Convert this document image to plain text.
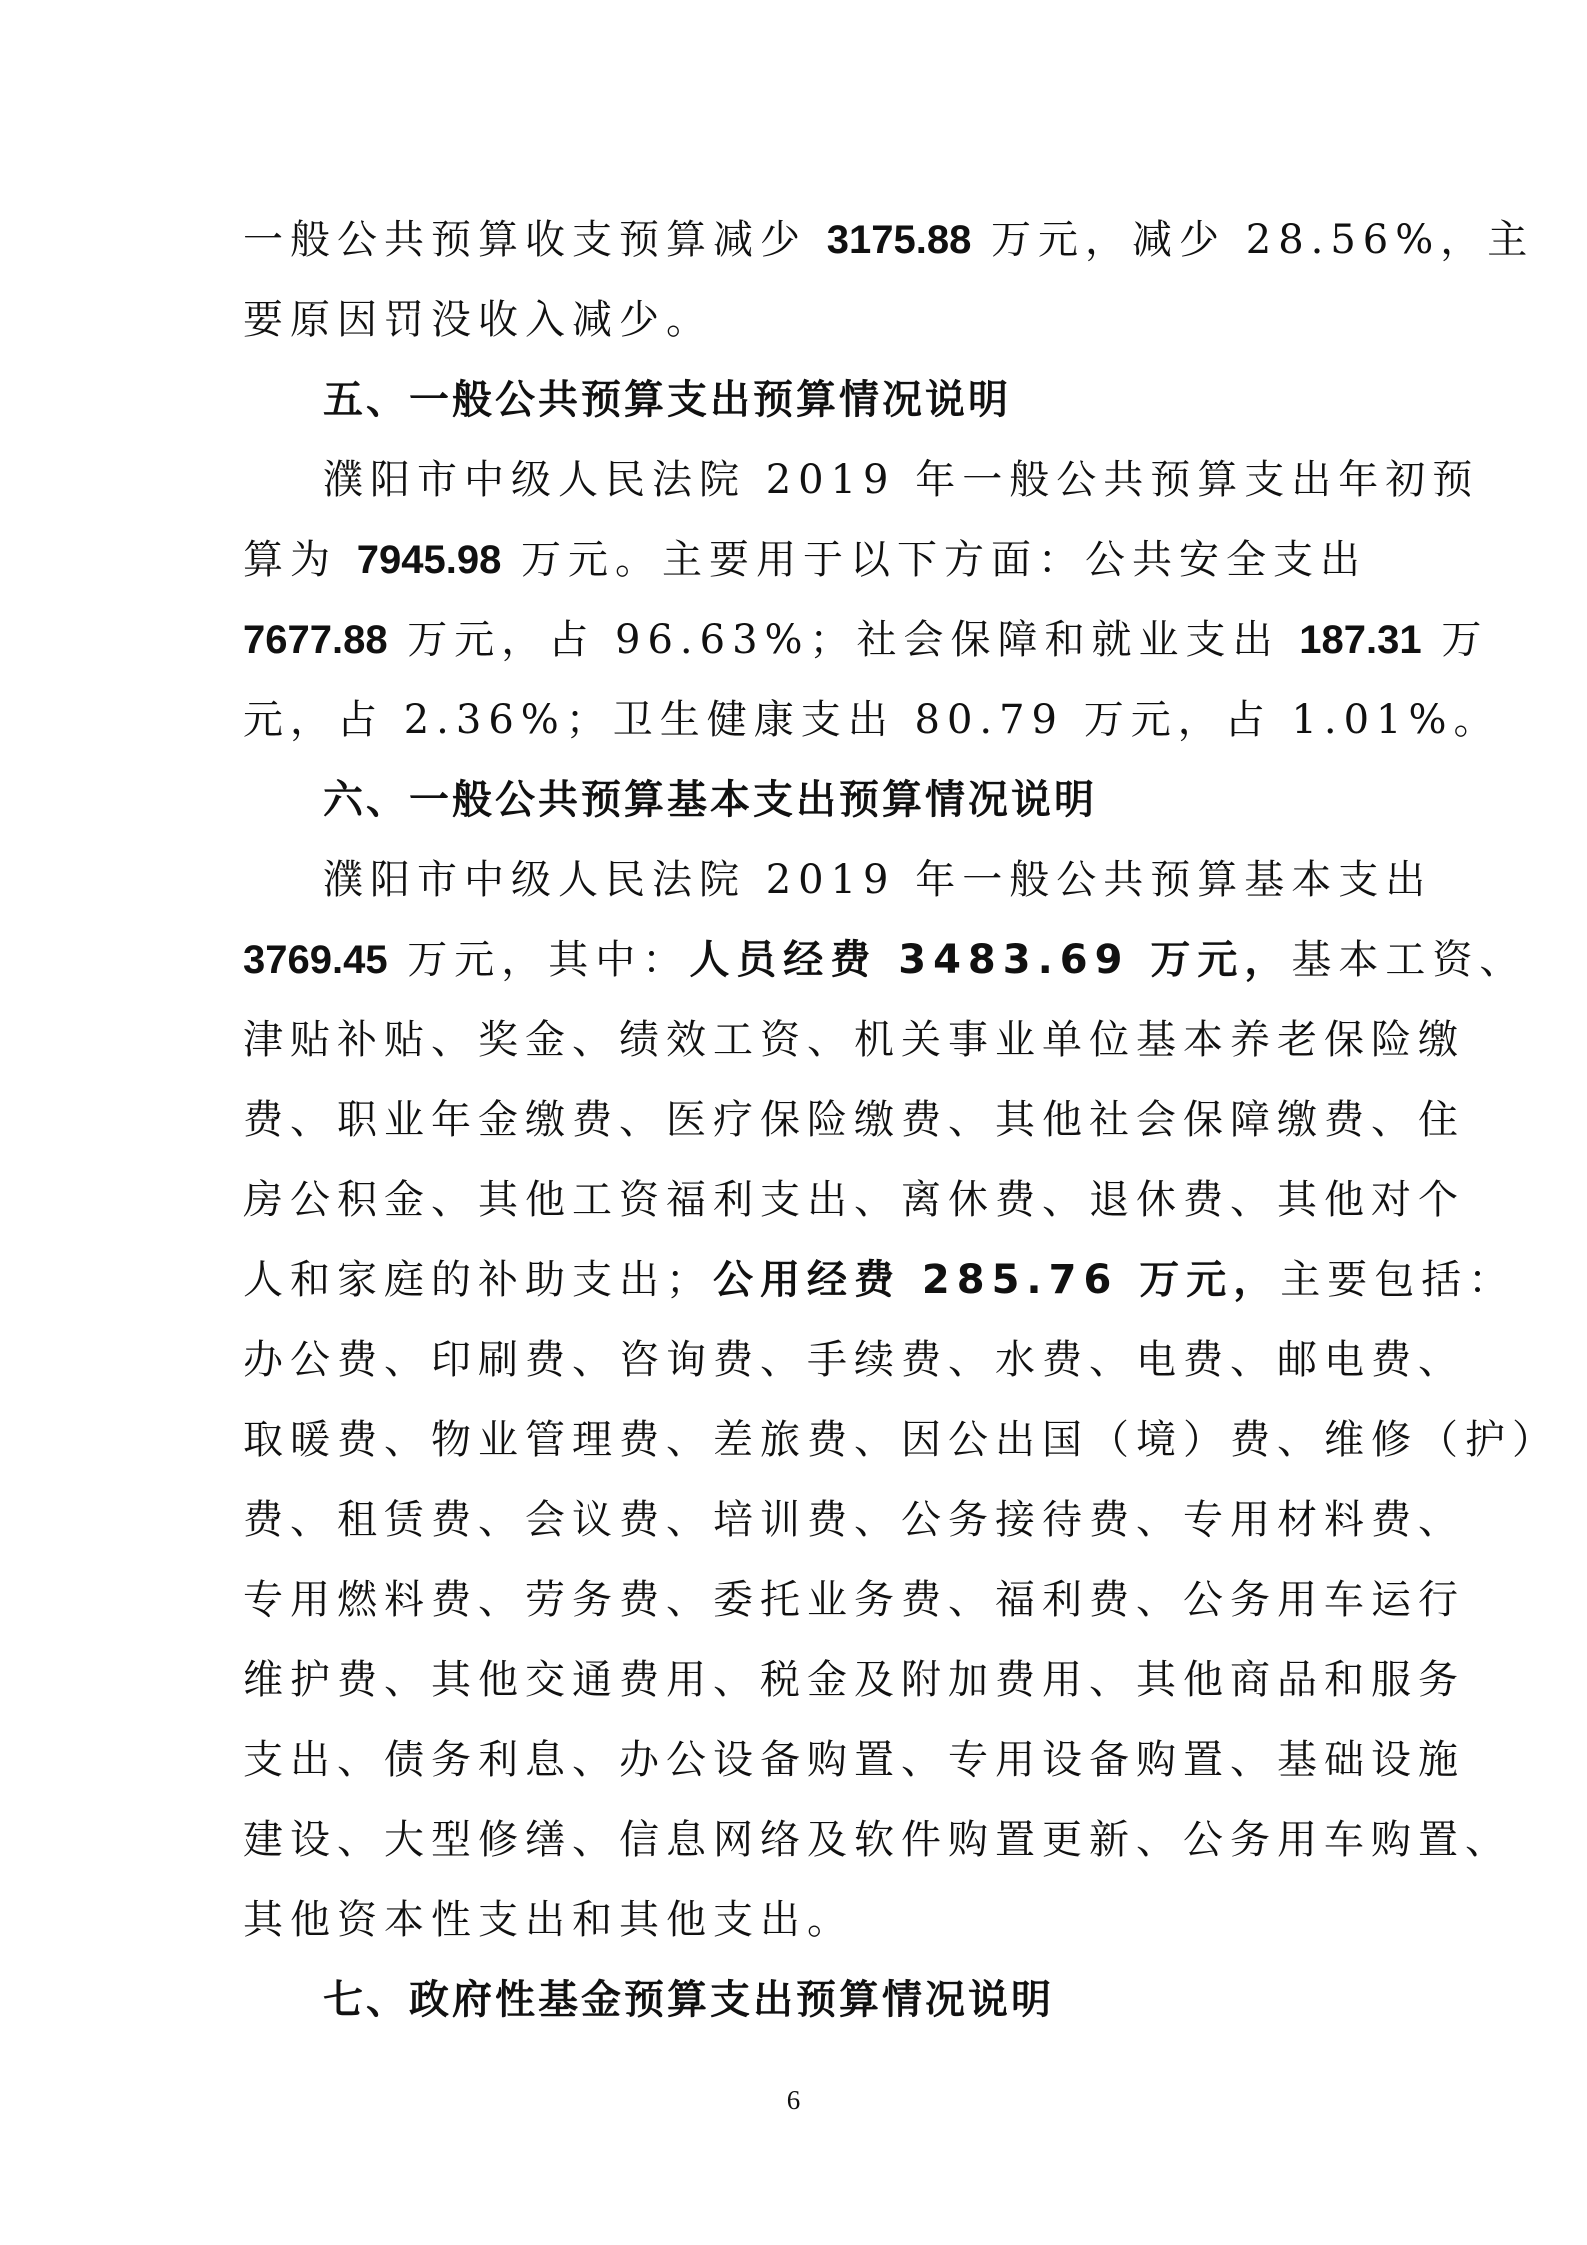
一般公共预算收支预算减少 3175.88 万元，减少 28.56%，主
要原因罚没收入减少。
五、一般公共预算支出预算情况说明
濮阳市中级人民法院 2019 年一般公共预算支出年初预
算为 7945.98 万元。主要用于以下方面：公共安全支出
7677.88 万元，占 96.63%；社会保障和就业支出 187.31 万
元，占 2.36%；卫生健康支出 80.79 万元，占 1.01%。
六、一般公共预算基本支出预算情况说明
濮阳市中级人民法院 2019 年一般公共预算基本支出
3769.45 万元，其中：人员经费 3483.69 万元，基本工资、
津贴补贴、奖金、绩效工资、机关事业单位基本养老保险缴
费、职业年金缴费、医疗保险缴费、其他社会保障缴费、住
房公积金、其他工资福利支出、离休费、退休费、其他对个
人和家庭的补助支出；公用经费 285.76 万元，主要包括：
办公费、印刷费、咨询费、手续费、水费、电费、邮电费、
取暖费、物业管理费、差旅费、因公出国（境）费、维修（护）
费、租赁费、会议费、培训费、公务接待费、专用材料费、
专用燃料费、劳务费、委托业务费、福利费、公务用车运行
维护费、其他交通费用、税金及附加费用、其他商品和服务
支出、债务利息、办公设备购置、专用设备购置、基础设施
建设、大型修缮、信息网络及软件购置更新、公务用车购置、
其他资本性支出和其他支出。
七、政府性基金预算支出预算情况说明
6
